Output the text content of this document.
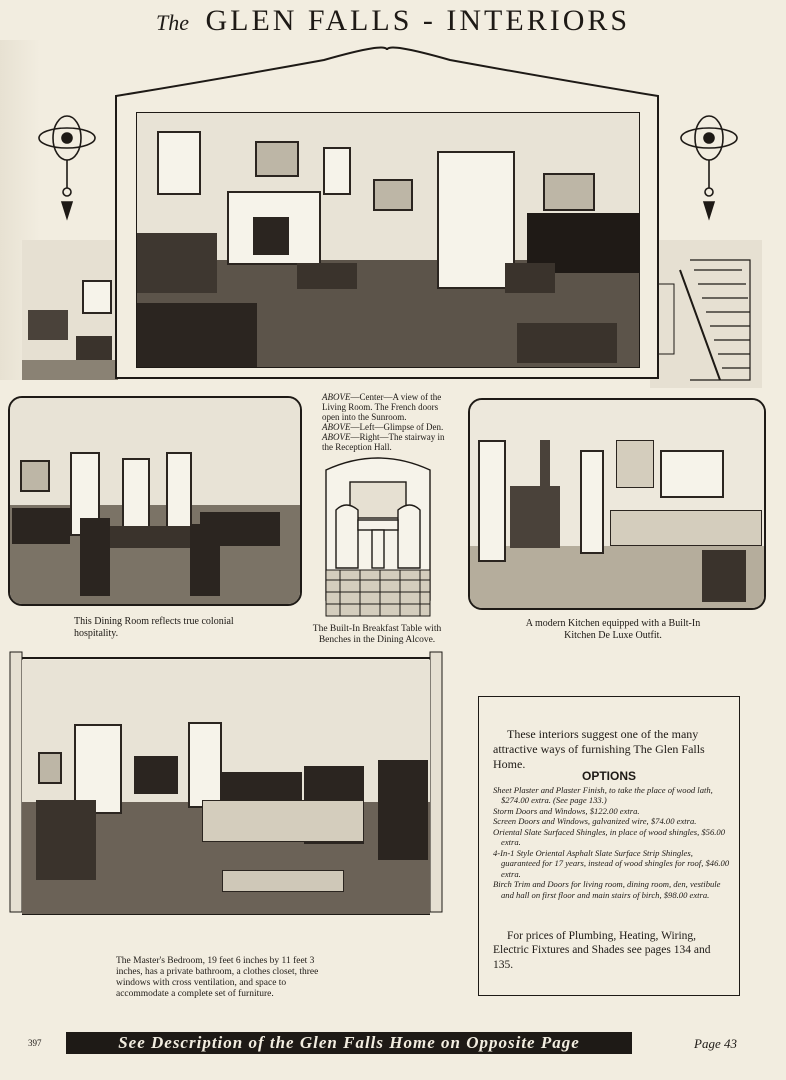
The GLEN FALLS - INTERIORS
ABOVE—Center—A view of the Living Room. The French doors open into the Sunroom.
ABOVE—Left—Glimpse of Den.
ABOVE—Right—The stairway in the Reception Hall.
This Dining Room reflects true colonial hospitality.	The Built-In Breakfast Table with Benches in the Dining Alcove.
A modern Kitchen equipped with a Built-In Kitchen De Luxe Outfit.
The Master's Bedroom, 19 feet 6 inches by 11 feet 3 inches, has a private bathroom, a clothes closet, three windows with cross ventilation, and space to accommodate a complete set of furniture.
These interiors suggest one of the many attractive ways of furnishing The Glen Falls Home.
OPTIONS
Sheet Plaster and Plaster Finish, to take the place of wood lath, $274.00 extra. (See page 133.)
Storm Doors and Windows, $122.00 extra.
Screen Doors and Windows, galvanized wire, $74.00 extra.
Oriental Slate Surfaced Shingles, in place of wood shingles, $56.00 extra.
4-In-1 Style Oriental Asphalt Slate Surface Strip Shingles, guaranteed for 17 years, instead of wood shingles for roof, $46.00 extra.
Birch Trim and Doors for living room, dining room, den, vestibule and hall on first floor and main stairs of birch, $98.00 extra.
For prices of Plumbing, Heating, Wiring, Electric Fixtures and Shades see pages 134 and 135.
397	See Description of the Glen Falls Home on Opposite Page	Page 43
